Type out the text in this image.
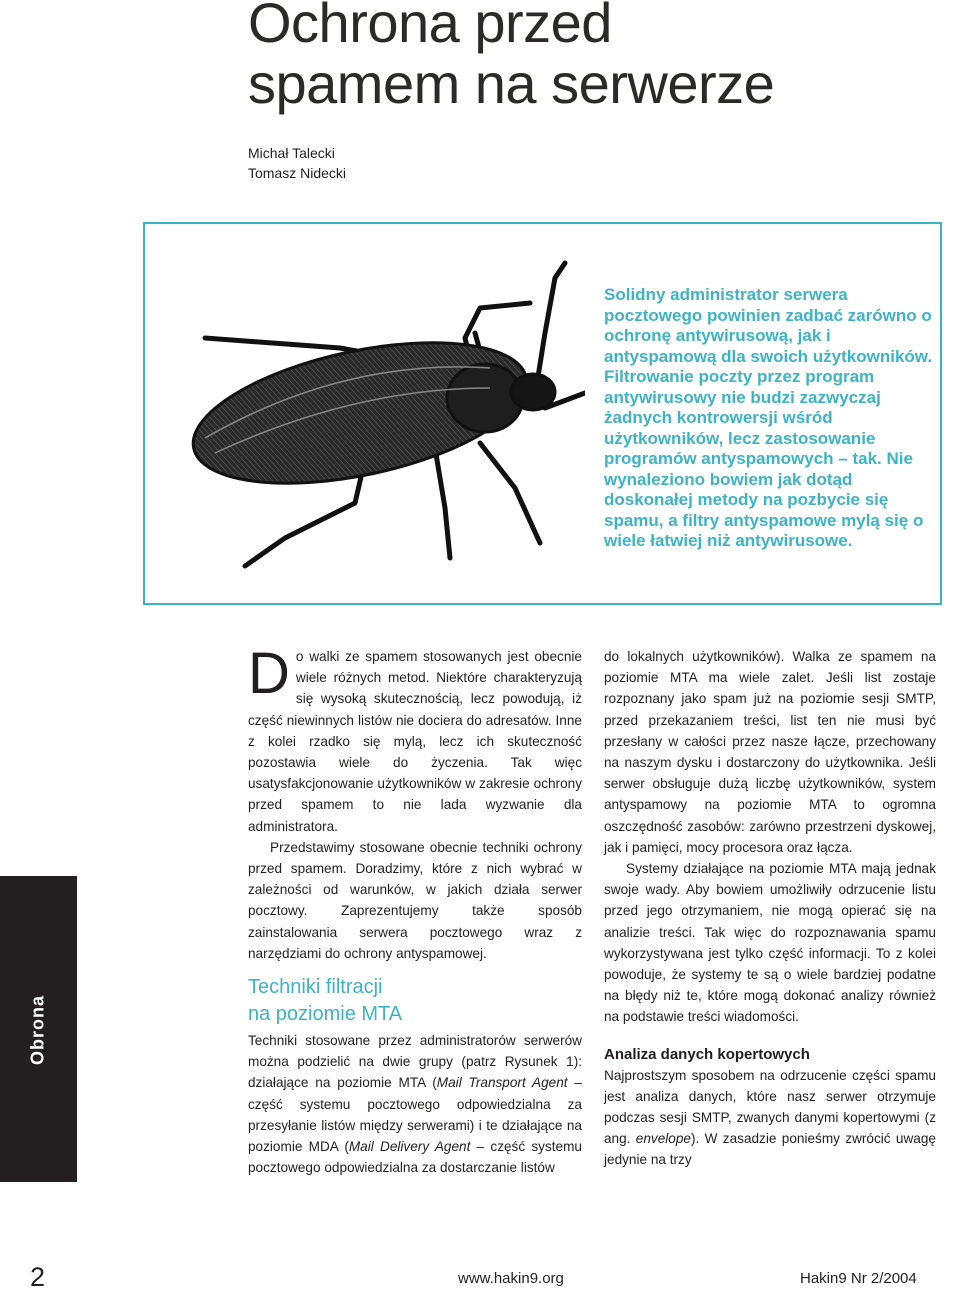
Ochrona przed
spamem na serwerze
Michał Talecki
Tomasz Nidecki

Solidny administrator serwera pocztowego powinien zadbać zarówno o ochronę antywirusową, jak i antyspamową dla swoich użytkowników. Filtrowanie poczty przez program antywirusowy nie budzi zazwyczaj żadnych kontrowersji wśród użytkowników, lecz zastosowanie programów antyspamowych – tak. Nie wynaleziono bowiem jak dotąd doskonałej metody na pozbycie się spamu, a filtry antyspamowe mylą się o wiele łatwiej niż antywirusowe.

Obrona

Do walki ze spamem stosowanych jest obecnie wiele różnych metod. Niektóre charakteryzują się wysoką skutecznością, lecz powodują, iż część niewinnych listów nie dociera do adresatów. Inne z kolei rzadko się mylą, lecz ich skuteczność pozostawia wiele do życzenia. Tak więc usatysfakcjonowanie użytkowników w zakresie ochrony przed spamem to nie lada wyzwanie dla administratora.

Przedstawimy stosowane obecnie techniki ochrony przed spamem. Doradzimy, które z nich wybrać w zależności od warunków, w jakich działa serwer pocztowy. Zaprezentujemy także sposób zainstalowania serwera pocztowego wraz z narzędziami do ochrony antyspamowej.

Techniki filtracji
na poziomie MTA

Techniki stosowane przez administratorów serwerów można podzielić na dwie grupy (patrz Rysunek 1): działające na poziomie MTA (Mail Transport Agent – część systemu pocztowego odpowiedzialna za przesyłanie listów między serwerami) i te działające na poziomie MDA (Mail Delivery Agent – część systemu pocztowego odpowiedzialna za dostarczanie listów

do lokalnych użytkowników). Walka ze spamem na poziomie MTA ma wiele zalet. Jeśli list zostaje rozpoznany jako spam już na poziomie sesji SMTP, przed przekazaniem treści, list ten nie musi być przesłany w całości przez nasze łącze, przechowany na naszym dysku i dostarczony do użytkownika. Jeśli serwer obsługuje dużą liczbę użytkowników, system antyspamowy na poziomie MTA to ogromna oszczędność zasobów: zarówno przestrzeni dyskowej, jak i pamięci, mocy procesora oraz łącza.

Systemy działające na poziomie MTA mają jednak swoje wady. Aby bowiem umożliwiły odrzucenie listu przed jego otrzymaniem, nie mogą opierać się na analizie treści. Tak więc do rozpoznawania spamu wykorzystywana jest tylko część informacji. To z kolei powoduje, że systemy te są o wiele bardziej podatne na błędy niż te, które mogą dokonać analizy również na podstawie treści wiadomości.

Analiza danych kopertowych

Najprostszym sposobem na odrzucenie części spamu jest analiza danych, które nasz serwer otrzymuje podczas sesji SMTP, zwanych danymi kopertowymi (z ang. envelope). W zasadzie ponieśmy zwrócić uwagę jedynie na trzy

2	www.hakin9.org	Hakin9 Nr 2/2004
